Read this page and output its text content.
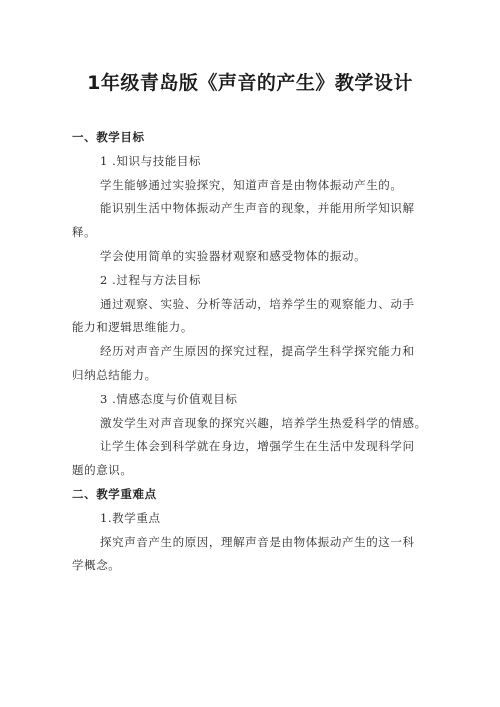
1年级青岛版《声音的产生》教学设计

一、教学目标

1 .知识与技能目标

学生能够通过实验探究，知道声音是由物体振动产生的。

能识别生活中物体振动产生声音的现象，并能用所学知识解

释。

学会使用简单的实验器材观察和感受物体的振动。

2 .过程与方法目标

通过观察、实验、分析等活动，培养学生的观察能力、动手

能力和逻辑思维能力。

经历对声音产生原因的探究过程，提高学生科学探究能力和

归纳总结能力。

3 .情感态度与价值观目标

激发学生对声音现象的探究兴趣，培养学生热爱科学的情感。

让学生体会到科学就在身边，增强学生在生活中发现科学问

题的意识。

二、教学重难点

1.教学重点

探究声音产生的原因，理解声音是由物体振动产生的这一科

学概念。
